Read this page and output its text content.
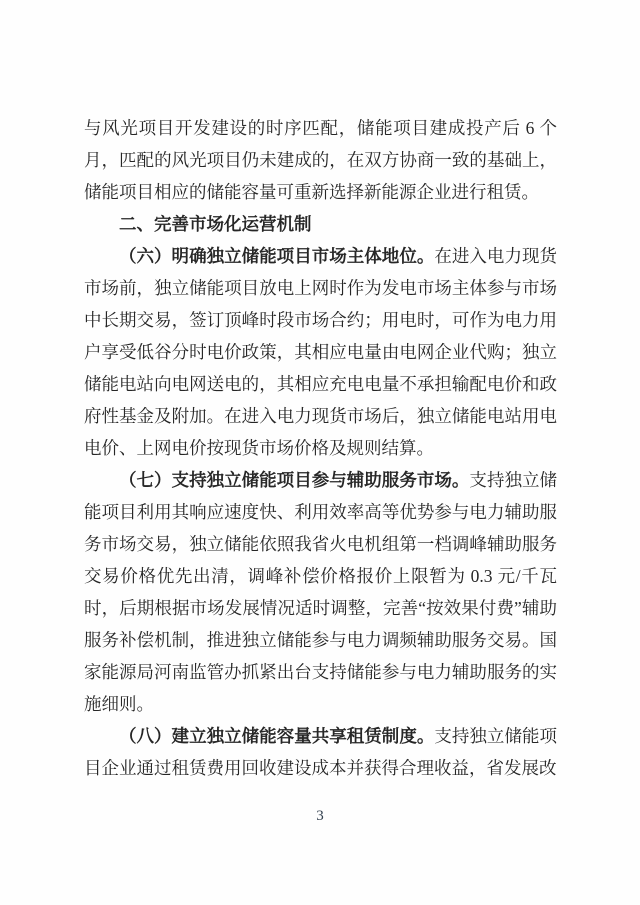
与风光项目开发建设的时序匹配，储能项目建成投产后 6 个月，匹配的风光项目仍未建成的，在双方协商一致的基础上，储能项目相应的储能容量可重新选择新能源企业进行租赁。

二、完善市场化运营机制

（六）明确独立储能项目市场主体地位。在进入电力现货市场前，独立储能项目放电上网时作为发电市场主体参与市场中长期交易，签订顶峰时段市场合约；用电时，可作为电力用户享受低谷分时电价政策，其相应电量由电网企业代购；独立储能电站向电网送电的，其相应充电电量不承担输配电价和政府性基金及附加。在进入电力现货市场后，独立储能电站用电电价、上网电价按现货市场价格及规则结算。

（七）支持独立储能项目参与辅助服务市场。支持独立储能项目利用其响应速度快、利用效率高等优势参与电力辅助服务市场交易，独立储能依照我省火电机组第一档调峰辅助服务交易价格优先出清，调峰补偿价格报价上限暂为 0.3 元/千瓦时，后期根据市场发展情况适时调整，完善“按效果付费”辅助服务补偿机制，推进独立储能参与电力调频辅助服务交易。国家能源局河南监管办抓紧出台支持储能参与电力辅助服务的实施细则。

（八）建立独立储能容量共享租赁制度。支持独立储能项目企业通过租赁费用回收建设成本并获得合理收益，省发展改

3
